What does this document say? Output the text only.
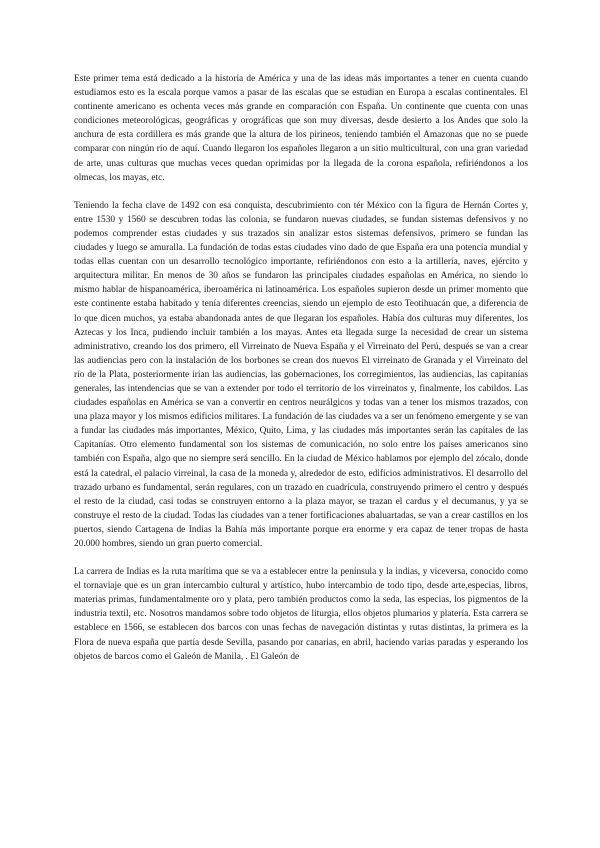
Este primer tema está dedicado a la historia de América y una de las ideas más importantes a tener en cuenta cuando estudiamos esto es la escala porque vamos a pasar de las escalas que se estudian en Europa a escalas continentales. El continente americano es ochenta veces más grande en comparación con España. Un continente que cuenta con unas condiciones meteorológicas, geográficas y orográficas que son muy diversas, desde desierto a los Andes que solo la anchura de esta cordillera es más grande que la altura de los pirineos, teniendo también el Amazonas que no se puede comparar con ningún río de aquí. Cuando llegaron los españoles llegaron a un sitio multicultural, con una gran variedad de arte, unas culturas que muchas veces quedan oprimidas por la llegada de la corona española, refiriéndonos a los olmecas, los mayas, etc.

Teniendo la fecha clave de 1492 con esa conquista, descubrimiento con tér México con la figura de Hernán Cortes y, entre 1530 y 1560 se descubren todas las colonia, se fundaron nuevas ciudades, se fundan sistemas defensivos y no podemos comprender estas ciudades y sus trazados sin analizar estos sistemas defensivos, primero se fundan las ciudades y luego se amuralla. La fundación de todas estas ciudades vino dado de que España era una potencia mundial y todas ellas cuentan con un desarrollo tecnológico importante, refiriéndonos con esto a la artillería, naves, ejército y arquitectura militar. En menos de 30 años se fundaron las principales ciudades españolas en América, no siendo lo mismo hablar de hispanoamérica, iberoamérica ni latinoamérica. Los españoles supieron desde un primer momento que este continente estaba habitado y tenía diferentes creencias, siendo un ejemplo de esto Teotihuacán que, a diferencia de lo que dicen muchos, ya estaba abandonada antes de que llegaran los españoles. Había dos culturas muy diferentes, los Aztecas y los Inca, pudiendo incluir también a los mayas. Antes eta llegada surge la necesidad de crear un sistema administrativo, creando los dos primero, ell Virreinato de Nueva España y el Virreinato del Perú, después se van a crear las audiencias pero con la instalación de los borbones se crean dos nuevos El virreinato de Granada y el Virreinato del río de la Plata, posteriormente irían las audiencias, las gobernaciones, los corregimientos, las audiencias, las capitanías generales, las intendencias que se van a extender por todo el territorio de los virreinatos y, finalmente, los cabildos. Las ciudades españolas en América se van a convertir en centros neurálgicos y todas van a tener los mismos trazados, con una plaza mayor y los mismos edificios militares. La fundación de las ciudades va a ser un fenómeno emergente y se van a fundar las ciudades más importantes, México, Quito, Lima, y las ciudades más importantes serán las capitales de las Capitanías. Otro elemento fundamental son los sistemas de comunicación, no solo entre los países americanos sino también con España, algo que no siempre será sencillo. En la ciudad de México hablamos por ejemplo del zócalo, donde está la catedral, el palacio virreinal, la casa de la moneda y, alrededor de esto, edificios administrativos. El desarrollo del trazado urbano es fundamental, serán regulares, con un trazado en cuadrícula, construyendo primero el centro y después el resto de la ciudad, casi todas se construyen entorno a la plaza mayor, se trazan el cardus y el decumanus, y ya se construye el resto de la ciudad. Todas las ciudades van a tener fortificaciones abaluartadas, se van a crear castillos en los puertos, siendo Cartagena de Indias la Bahía más importante porque era enorme y era capaz de tener tropas de hasta 20.000 hombres, siendo un gran puerto comercial.

La carrera de Indias es la ruta marítima que se va a establecer entre la península y la indias, y viceversa, conocido como el tornaviaje que es un gran intercambio cultural y artístico, hubo intercambio de todo tipo, desde arte,especias, libros, materias primas, fundamentalmente oro y plata, pero también productos como la seda, las especias, los pigmentos de la industria textil, etc. Nosotros mandamos sobre todo objetos de liturgia, ellos objetos plumarios y platería. Esta carrera se establece en 1566, se establecen dos barcos con unas fechas de navegación distintas y rutas distintas, la primera es la Flora de nueva españa que partía desde Sevilla, pasando por canarias, en abril, haciendo varias paradas y esperando los objetos de barcos como el Galeón de Manila, . El Galeón de
